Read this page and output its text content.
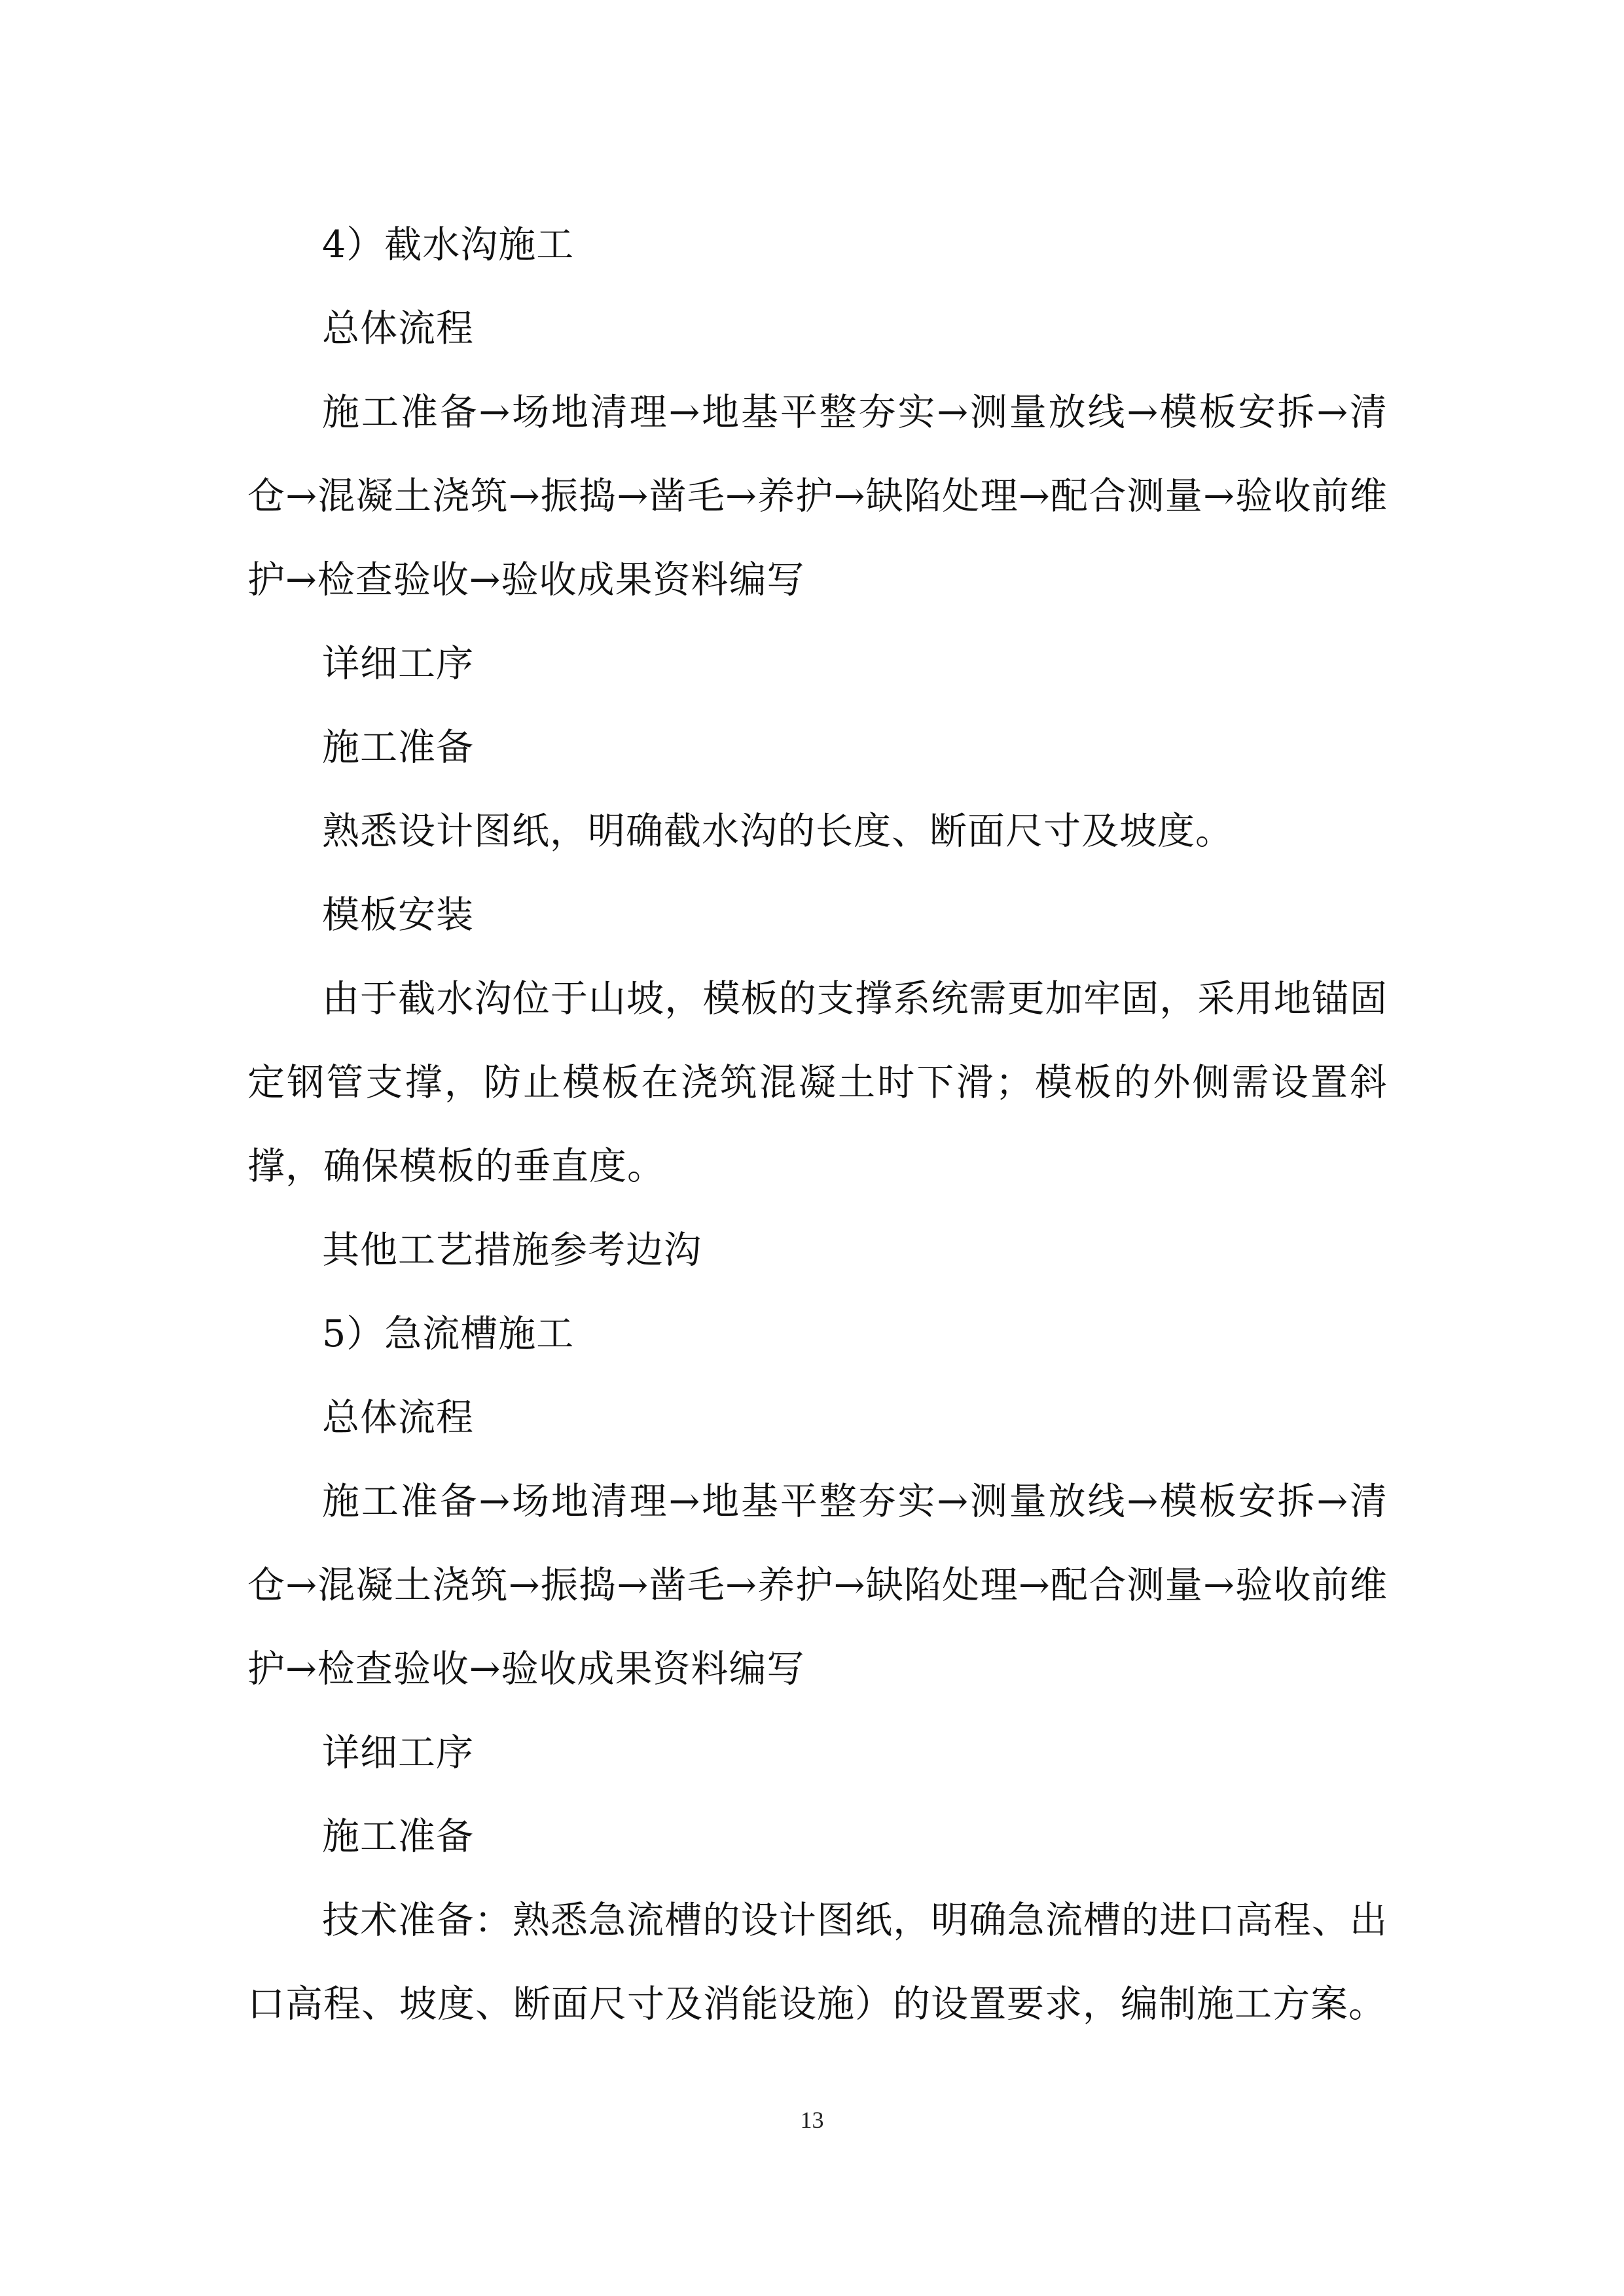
4）截水沟施工

总体流程

施工准备→场地清理→地基平整夯实→测量放线→模板安拆→清仓→混凝土浇筑→振捣→凿毛→养护→缺陷处理→配合测量→验收前维护→检查验收→验收成果资料编写

详细工序

施工准备

熟悉设计图纸，明确截水沟的长度、断面尺寸及坡度。

模板安装

由于截水沟位于山坡，模板的支撑系统需更加牢固，采用地锚固定钢管支撑，防止模板在浇筑混凝土时下滑；模板的外侧需设置斜撑，确保模板的垂直度。

其他工艺措施参考边沟

5）急流槽施工

总体流程

施工准备→场地清理→地基平整夯实→测量放线→模板安拆→清仓→混凝土浇筑→振捣→凿毛→养护→缺陷处理→配合测量→验收前维护→检查验收→验收成果资料编写

详细工序

施工准备

技术准备：熟悉急流槽的设计图纸，明确急流槽的进口高程、出口高程、坡度、断面尺寸及消能设施）的设置要求，编制施工方案。

13
